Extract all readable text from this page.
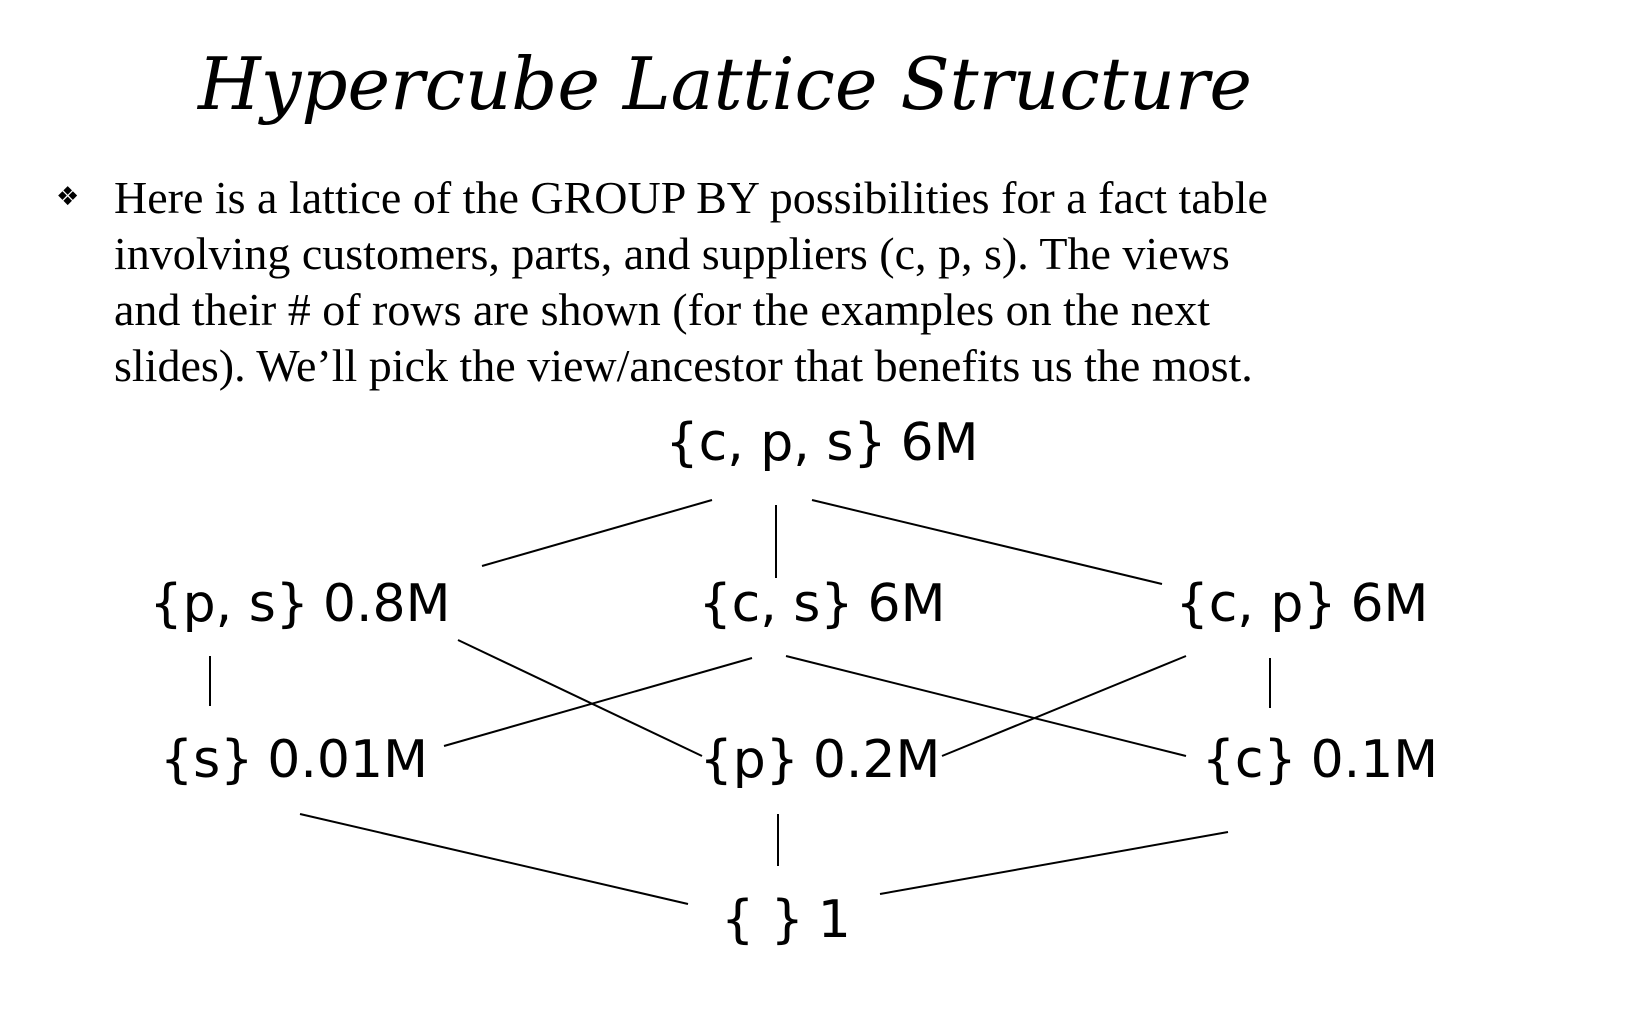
Hypercube Lattice Structure
❖ Here is a lattice of the GROUP BY possibilities for a fact table
involving customers, parts, and suppliers (c, p, s). The views
and their # of rows are shown (for the examples on the next
slides). We’ll pick the view/ancestor that benefits us the most.
{c, p, s} 6M
{p, s} 0.8M	{c, s} 6M	{c, p} 6M
{s} 0.01M	{p} 0.2M	{c} 0.1M
{ } 1
